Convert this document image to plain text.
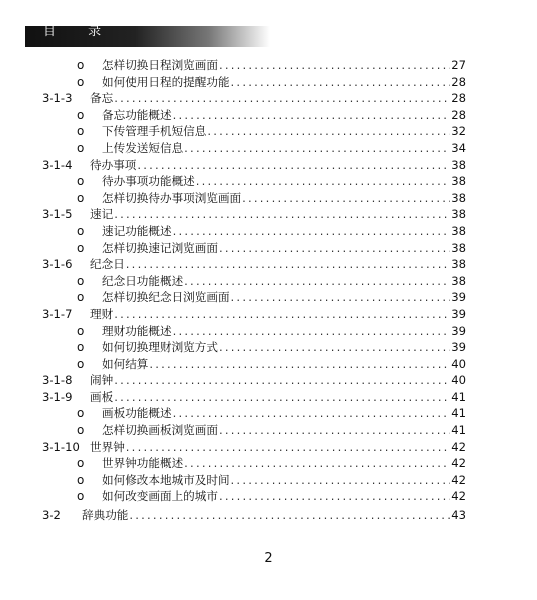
目 录
o 怎样切换日程浏览画面 .....	27
o 如何使用日程的提醒功能 .....	28
3-1-3 备忘 .....	28
o 备忘功能概述 .....	28
o 下传管理手机短信息 .....	32
o 上传发送短信息 .....	34
3-1-4 待办事项 .....	38
o 待办事项功能概述 .....	38
o 怎样切换待办事项浏览画面 .....	38
3-1-5 速记 .....	38
o 速记功能概述 .....	38
o 怎样切换速记浏览画面 .....	38
3-1-6 纪念日 .....	38
o 纪念日功能概述 .....	38
o 怎样切换纪念日浏览画面 .....	39
3-1-7 理财 .....	39
o 理财功能概述 .....	39
o 如何切换理财浏览方式 .....	39
o 如何结算 .....	40
3-1-8 闹钟 .....	40
3-1-9 画板 .....	41
o 画板功能概述 .....	41
o 怎样切换画板浏览画面 .....	41
3-1-10 世界钟 .....	42
o 世界钟功能概述 .....	42
o 如何修改本地城市及时间 .....	42
o 如何改变画面上的城市 .....	42
3-2 辞典功能 .....	43
2
